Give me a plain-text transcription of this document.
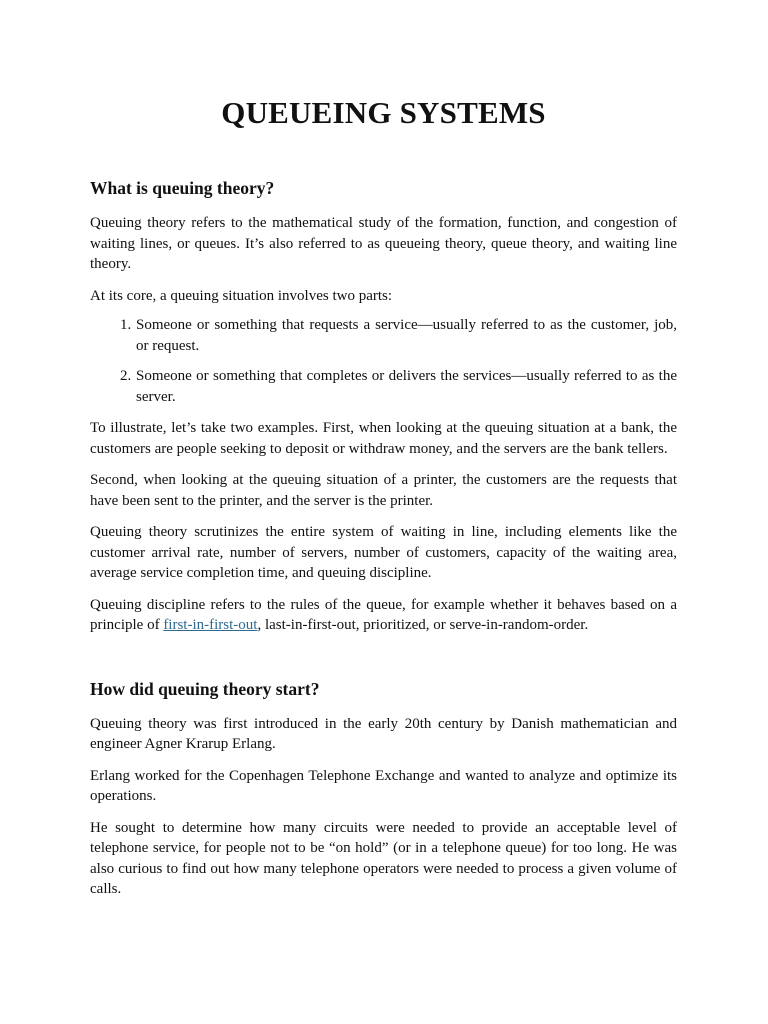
QUEUEING SYSTEMS
What is queuing theory?

Queuing theory refers to the mathematical study of the formation, function, and congestion of waiting lines, or queues. It’s also referred to as queueing theory, queue theory, and waiting line theory.

At its core, a queuing situation involves two parts:

1. Someone or something that requests a service—usually referred to as the customer, job, or request.
2. Someone or something that completes or delivers the services—usually referred to as the server.

To illustrate, let’s take two examples. First, when looking at the queuing situation at a bank, the customers are people seeking to deposit or withdraw money, and the servers are the bank tellers.

Second, when looking at the queuing situation of a printer, the customers are the requests that have been sent to the printer, and the server is the printer.

Queuing theory scrutinizes the entire system of waiting in line, including elements like the customer arrival rate, number of servers, number of customers, capacity of the waiting area, average service completion time, and queuing discipline.

Queuing discipline refers to the rules of the queue, for example whether it behaves based on a principle of first-in-first-out, last-in-first-out, prioritized, or serve-in-random-order.

How did queuing theory start?

Queuing theory was first introduced in the early 20th century by Danish mathematician and engineer Agner Krarup Erlang.

Erlang worked for the Copenhagen Telephone Exchange and wanted to analyze and optimize its operations.

He sought to determine how many circuits were needed to provide an acceptable level of telephone service, for people not to be “on hold” (or in a telephone queue) for too long. He was also curious to find out how many telephone operators were needed to process a given volume of calls.
